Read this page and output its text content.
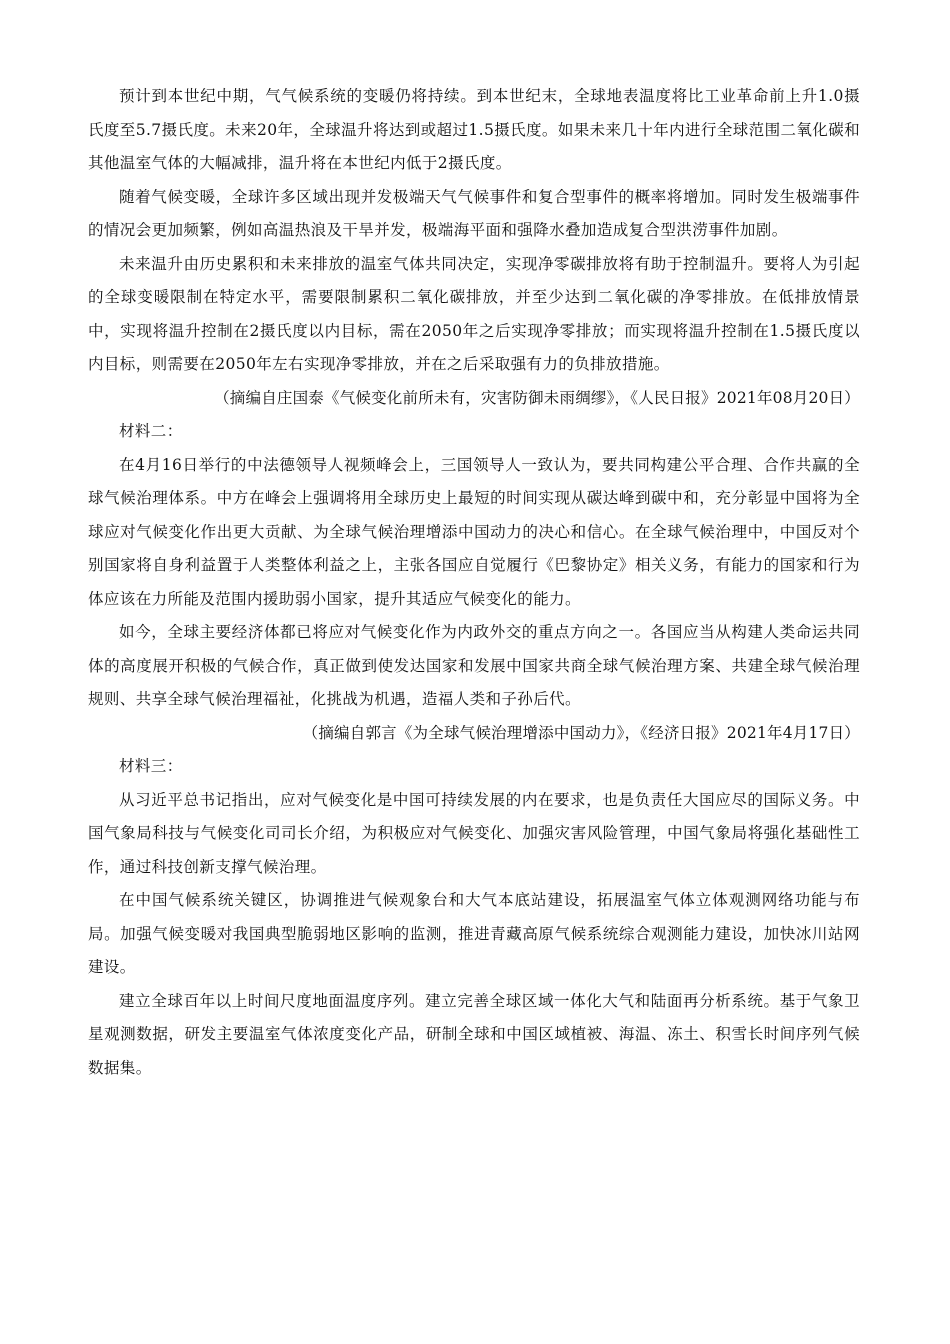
预计到本世纪中期，气气候系统的变暖仍将持续。到本世纪末，全球地表温度将比工业革命前上升1.0摄氏度至5.7摄氏度。未来20年，全球温升将达到或超过1.5摄氏度。如果未来几十年内进行全球范围二氧化碳和其他温室气体的大幅减排，温升将在本世纪内低于2摄氏度。

随着气候变暖，全球许多区域出现并发极端天气气候事件和复合型事件的概率将增加。同时发生极端事件的情况会更加频繁，例如高温热浪及干旱并发，极端海平面和强降水叠加造成复合型洪涝事件加剧。

未来温升由历史累积和未来排放的温室气体共同决定，实现净零碳排放将有助于控制温升。要将人为引起的全球变暖限制在特定水平，需要限制累积二氧化碳排放，并至少达到二氧化碳的净零排放。在低排放情景中，实现将温升控制在2摄氏度以内目标，需在2050年之后实现净零排放；而实现将温升控制在1.5摄氏度以内目标，则需要在2050年左右实现净零排放，并在之后采取强有力的负排放措施。

（摘编自庄国泰《气候变化前所未有，灾害防御未雨绸缪》，《人民日报》2021年08月20日）

材料二：

在4月16日举行的中法德领导人视频峰会上，三国领导人一致认为，要共同构建公平合理、合作共赢的全球气候治理体系。中方在峰会上强调将用全球历史上最短的时间实现从碳达峰到碳中和，充分彰显中国将为全球应对气候变化作出更大贡献、为全球气候治理增添中国动力的决心和信心。在全球气候治理中，中国反对个别国家将自身利益置于人类整体利益之上，主张各国应自觉履行《巴黎协定》相关义务，有能力的国家和行为体应该在力所能及范围内援助弱小国家，提升其适应气候变化的能力。

如今，全球主要经济体都已将应对气候变化作为内政外交的重点方向之一。各国应当从构建人类命运共同体的高度展开积极的气候合作，真正做到使发达国家和发展中国家共商全球气候治理方案、共建全球气候治理规则、共享全球气候治理福祉，化挑战为机遇，造福人类和子孙后代。

（摘编自郭言《为全球气候治理增添中国动力》，《经济日报》2021年4月17日）

材料三：

从习近平总书记指出，应对气候变化是中国可持续发展的内在要求，也是负责任大国应尽的国际义务。中国气象局科技与气候变化司司长介绍，为积极应对气候变化、加强灾害风险管理，中国气象局将强化基础性工作，通过科技创新支撑气候治理。

在中国气候系统关键区，协调推进气候观象台和大气本底站建设，拓展温室气体立体观测网络功能与布局。加强气候变暖对我国典型脆弱地区影响的监测，推进青藏高原气候系统综合观测能力建设，加快冰川站网建设。

建立全球百年以上时间尺度地面温度序列。建立完善全球区域一体化大气和陆面再分析系统。基于气象卫星观测数据，研发主要温室气体浓度变化产品，研制全球和中国区域植被、海温、冻土、积雪长时间序列气候数据集。
